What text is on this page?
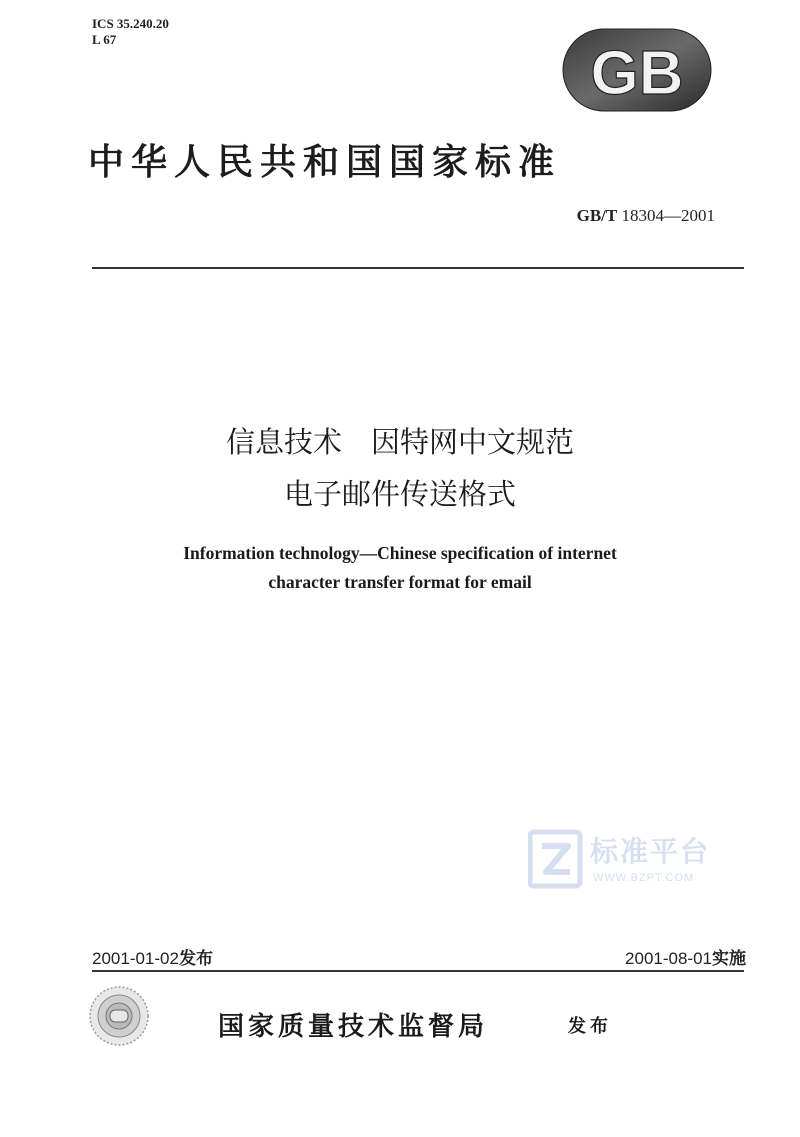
ICS 35.240.20
L 67	GB
中华人民共和国国家标准
GB/T 18304—2001
信息技术　因特网中文规范
电子邮件传送格式
Information technology—Chinese specification of internet
character transfer format for email
标准平台
WWW.BZPT.COM
2001-01-02发布	2001-08-01实施
国家质量技术监督局	发布
